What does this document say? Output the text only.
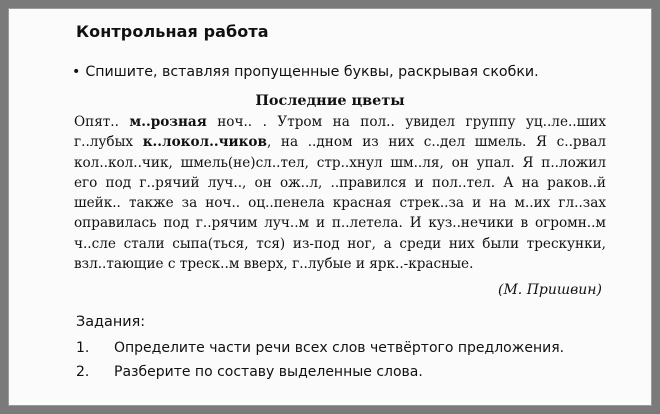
Контрольная работа
• Спишите, вставляя пропущенные буквы, раскрывая скобки.
Последние цветы
Опят.. м..розная ноч.. . Утром на пол.. увидел группу уц..ле..ших
г..лубых к..локол..чиков, на ..дном из них с..дел шмель. Я с..рвал
кол..кол..чик, шмель(не)сл..тел, стр..хнул шм..ля, он упал. Я п..ложил
его под г..рячий луч.., он ож..л, ..правился и пол..тел. А на раков..й
шейк.. также за ноч.. оц..пенела красная стрек..за и на м..их гл..зах
оправилась под г..рячим луч..м и п..летела. И куз..нечики в огромн..м
ч..сле стали сыпа(ться, тся) из-под ног, а среди них были трескунки,
взл..тающие с треск..м вверх, г..лубые и ярк..-красные.
(М. Пришвин)
Задания:
1. Определите части речи всех слов четвёртого предложения.
2. Разберите по составу выделенные слова.
